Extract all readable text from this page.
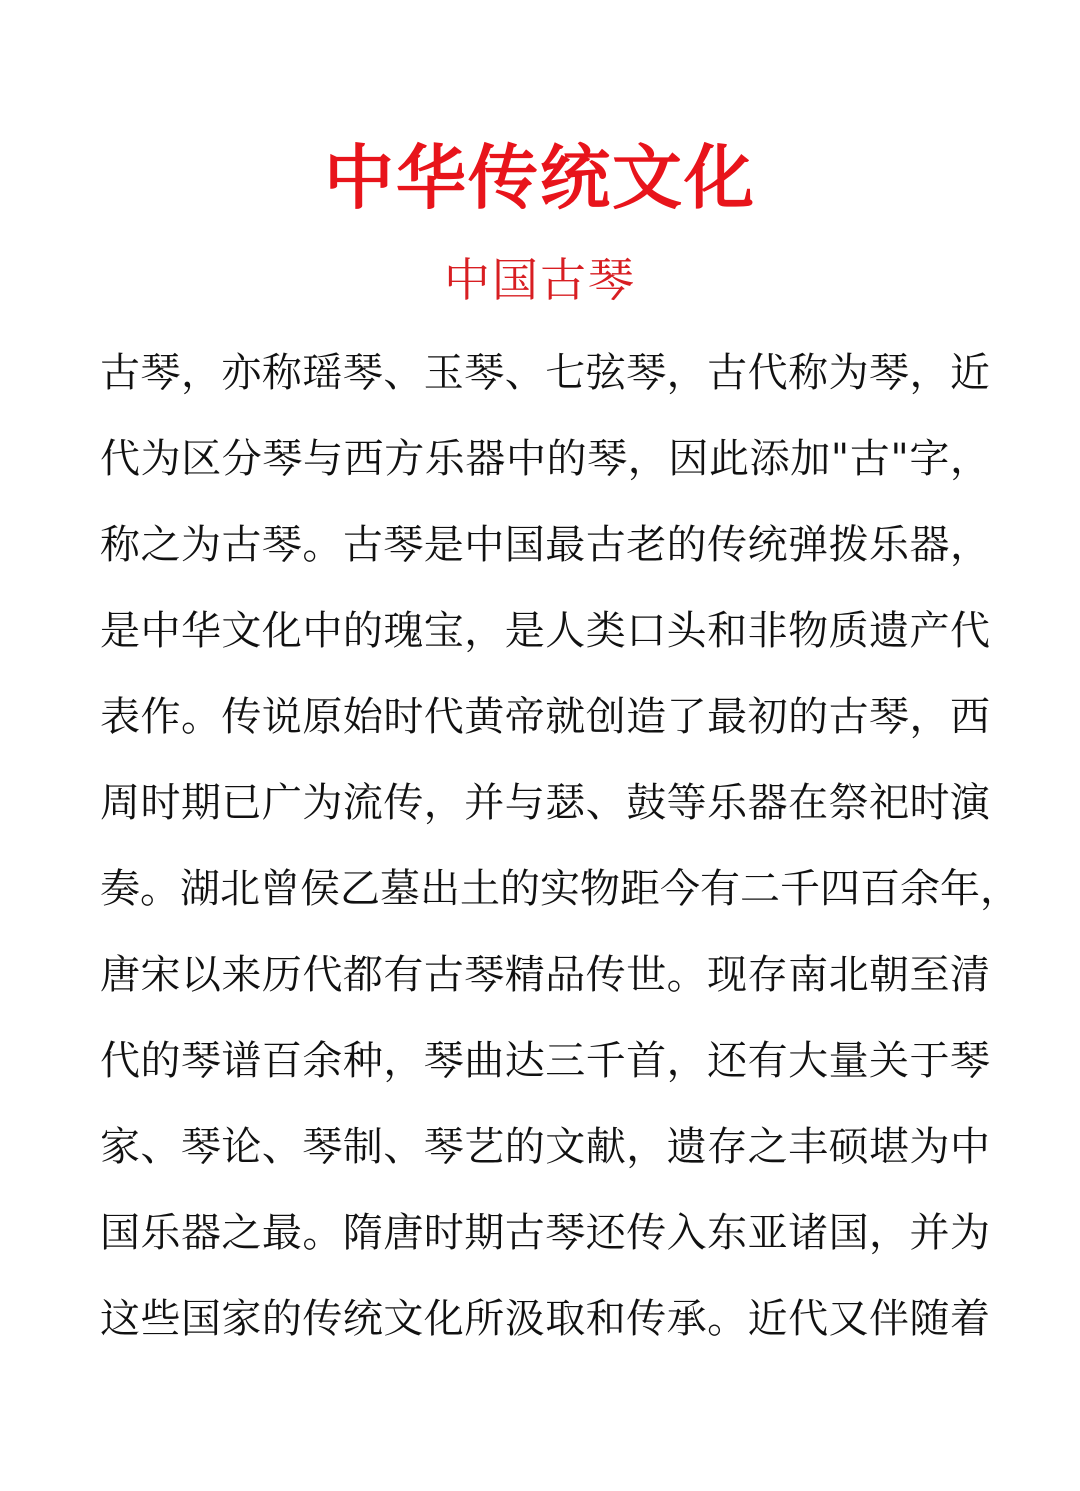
中华传统文化
中国古琴
古琴，亦称瑶琴、玉琴、七弦琴，古代称为琴，近
代为区分琴与西方乐器中的琴，因此添加"古"字，
称之为古琴。古琴是中国最古老的传统弹拨乐器，
是中华文化中的瑰宝，是人类口头和非物质遗产代
表作。传说原始时代黄帝就创造了最初的古琴，西
周时期已广为流传，并与瑟、鼓等乐器在祭祀时演
奏。湖北曾侯乙墓出土的实物距今有二千四百余年，
唐宋以来历代都有古琴精品传世。现存南北朝至清
代的琴谱百余种，琴曲达三千首，还有大量关于琴
家、琴论、琴制、琴艺的文献，遗存之丰硕堪为中
国乐器之最。隋唐时期古琴还传入东亚诸国，并为
这些国家的传统文化所汲取和传承。近代又伴随着
